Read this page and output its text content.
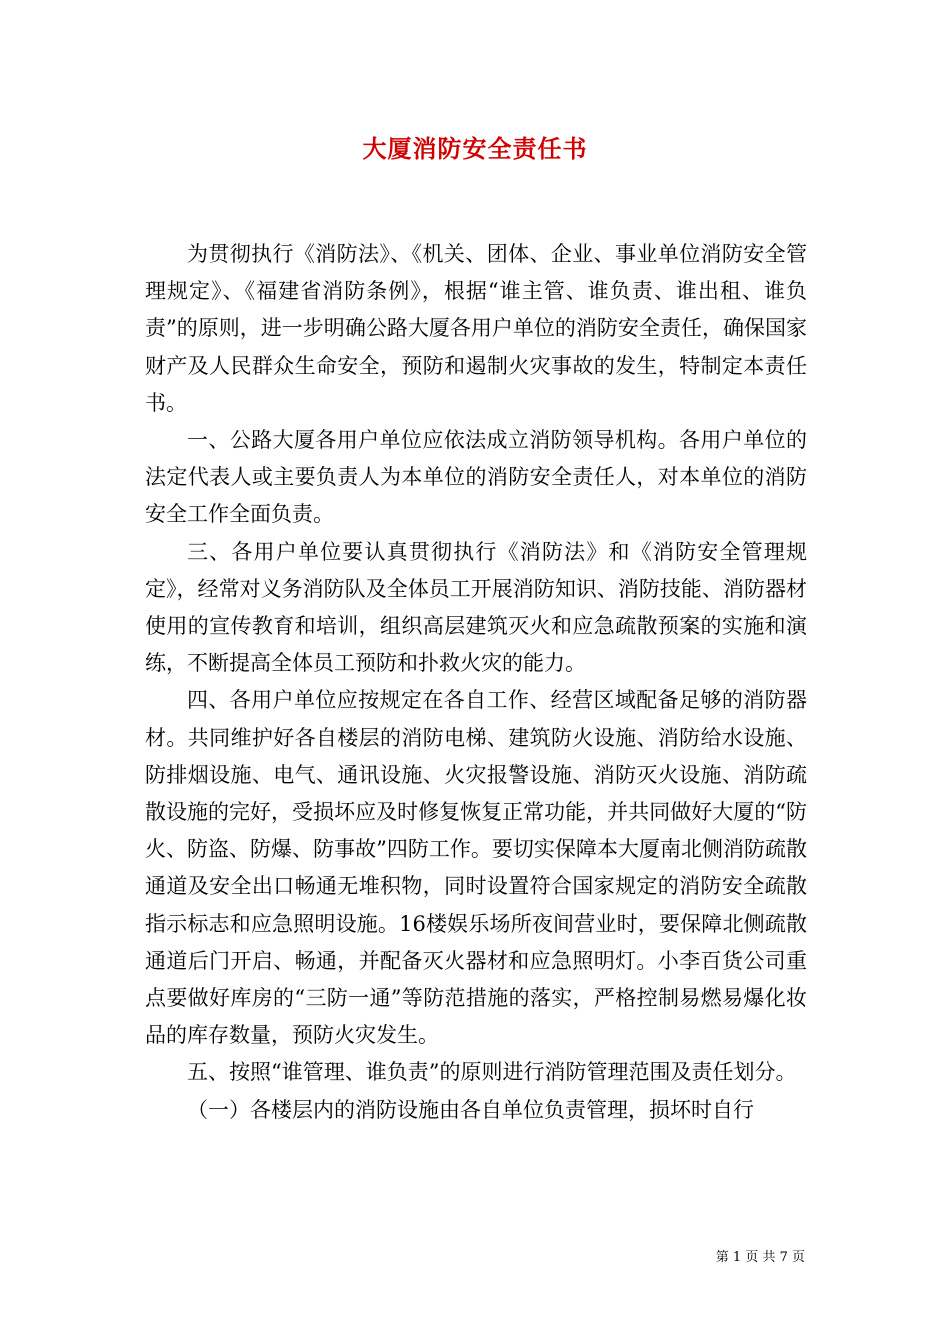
大厦消防安全责任书

为贯彻执行《消防法》、《机关、团体、企业、事业单位消防安全管理规定》、《福建省消防条例》，根据“谁主管、谁负责、谁出租、谁负责”的原则，进一步明确公路大厦各用户单位的消防安全责任，确保国家财产及人民群众生命安全，预防和遏制火灾事故的发生，特制定本责任书。

一、公路大厦各用户单位应依法成立消防领导机构。各用户单位的法定代表人或主要负责人为本单位的消防安全责任人，对本单位的消防安全工作全面负责。

三、各用户单位要认真贯彻执行《消防法》和《消防安全管理规定》，经常对义务消防队及全体员工开展消防知识、消防技能、消防器材使用的宣传教育和培训，组织高层建筑灭火和应急疏散预案的实施和演练，不断提高全体员工预防和扑救火灾的能力。

四、各用户单位应按规定在各自工作、经营区域配备足够的消防器材。共同维护好各自楼层的消防电梯、建筑防火设施、消防给水设施、防排烟设施、电气、通讯设施、火灾报警设施、消防灭火设施、消防疏散设施的完好，受损坏应及时修复恢复正常功能，并共同做好大厦的“防火、防盗、防爆、防事故”四防工作。要切实保障本大厦南北侧消防疏散通道及安全出口畅通无堆积物，同时设置符合国家规定的消防安全疏散指示标志和应急照明设施。16楼娱乐场所夜间营业时，要保障北侧疏散通道后门开启、畅通，并配备灭火器材和应急照明灯。小李百货公司重点要做好库房的“三防一通”等防范措施的落实，严格控制易燃易爆化妆品的库存数量，预防火灾发生。

五、按照“谁管理、谁负责”的原则进行消防管理范围及责任划分。

（一）各楼层内的消防设施由各自单位负责管理，损坏时自行

第 1 页 共 7 页
